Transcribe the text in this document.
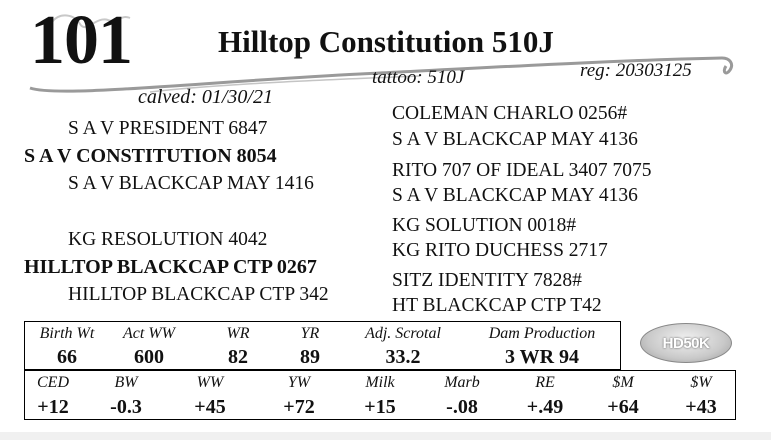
101	Hilltop Constitution 510J
tattoo: 510J	reg: 20303125
calved: 01/30/21
S A V PRESIDENT 6847
S A V CONSTITUTION 8054
S A V BLACKCAP MAY 1416
KG RESOLUTION 4042
HILLTOP BLACKCAP CTP 0267
HILLTOP BLACKCAP CTP 342
COLEMAN CHARLO 0256#
S A V BLACKCAP MAY 4136
RITO 707 OF IDEAL 3407 7075
S A V BLACKCAP MAY 4136
KG SOLUTION 0018#
KG RITO DUCHESS 2717
SITZ IDENTITY 7828#
HT BLACKCAP CTP T42
Birth Wt	Act WW	WR	YR	Adj. Scrotal	Dam Production
66	600	82	89	33.2	3 WR 94
HD50K
CED	BW	WW	YW	Milk	Marb	RE	$M	$W
+12	-0.3	+45	+72	+15	-.08	+.49	+64	+43
